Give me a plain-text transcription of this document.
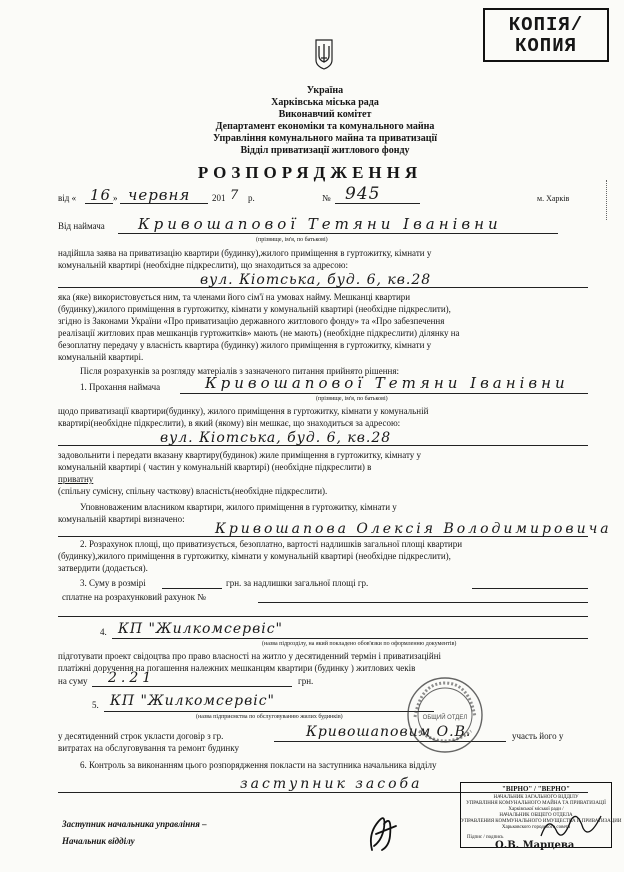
КОПІЯ/
КОПИЯ
Україна
Харківська міська рада
Виконавчий комітет
Департамент економіки та комунального майна
Управління комунального майна та приватизації
Відділ приватизації житлового фонду
РОЗПОРЯДЖЕННЯ
від « 16 » червня 201 7 р.	№ 945	м. Харків
Від наймача Кривошапової Тетяни Іванівни
(прізвище, ім'я, по батькові)
надійшла заява на приватизацію квартири (будинку),жилого приміщення в гуртожитку, кімнати у
комунальній квартирі (необхідне підкреслити), що знаходиться за адресою:
вул. Кіотська, буд. 6, кв.28
яка (яке) використовується ним, та членами його сім'ї на умовах найму. Мешканці квартири
(будинку),жилого приміщення в гуртожитку, кімнати у комунальній квартирі (необхідне підкреслити),
згідно із Законами України «Про приватизацію державного житлового фонду» та «Про забезпечення
реалізації житлових прав мешканців гуртожитків» мають (не мають) (необхідне підкреслити) ділянку на
безоплатну передачу у власність квартира (будинку) жилого приміщення в гуртожитку, кімнати у
комунальній квартирі.
Після розрахунків за розгляду матеріалів з зазначеного питання прийнято рішення:
1. Прохання наймача	Кривошапової Тетяни Іванівни
(прізвище, ім'я, по батькові)
щодо приватизації квартири(будинку), жилого приміщення в гуртожитку, кімнати у комунальній
квартирі(необхідне підкреслити), в який (якому) він мешкає, що знаходиться за адресою:
вул. Кіотська, буд. 6, кв.28
задовольнити і передати вказану квартиру(будинок) жиле приміщення в гуртожитку, кімнату у
комунальній квартирі ( частин у комунальній квартирі) (необхідне підкреслити) в
приватну
(спільну сумісну, спільну часткову) власність(необхідне підкреслити).
Уповноваженим власником квартири, жилого приміщення в гуртожитку, кімнати у
комунальній квартирі визначено:
Кривошапова Олексія Володимировича
2. Розрахунок площі, що приватизується, безоплатно, вартості надлишків загальної площі квартири
(будинку),жилого приміщення в гуртожитку, кімнати у комунальній квартирі (необхідне підкреслити),
затвердити (додається).
3. Суму в розмірі	грн. за надлишки загальної площі гр.
сплатне на розрахунковий рахунок №
4. КП "Жилкомсервіс"
(назва підрозділу, на який покладено обов'язки по оформленню документів)
підготувати проект свідоцтва про право власності на житло у десятиденний термін і приватизаційні
платіжні доручення на погашення належних мешканцям квартири (будинку ) житлових чеків
на суму 2.21	грн.
5. КП "Жилкомсервіс"
(назва підприємства по обслуговуванню жилих будинків)
у десятиденний строк укласти договір з гр.	Кривошаповим О.В.	участь його у
витратах на обслуговування та ремонт будинку
6. Контроль за виконанням цього розпорядження покласти на заступника начальника відділу
заступник засоба
Заступник начальника управління –
Начальник відділу
"ВІРНО" / "ВЕРНО"
НАЧАЛЬНИК ЗАГАЛЬНОГО ВІДДІЛУ
УПРАВЛІННЯ КОМУНАЛЬНОГО МАЙНА ТА ПРИВАТИЗАЦІЇ
Харківської міської ради /
НАЧАЛЬНИК ОБЩЕГО ОТДЕЛА
УПРАВЛЕНИЯ КОММУНАЛЬНОГО ИМУЩЕСТВА И ПРИВАТИЗАЦИИ
Харьковского городского совета
Підпис / подпись
О.В. Марцева
ОБЩИЙ ОТДЕЛ
